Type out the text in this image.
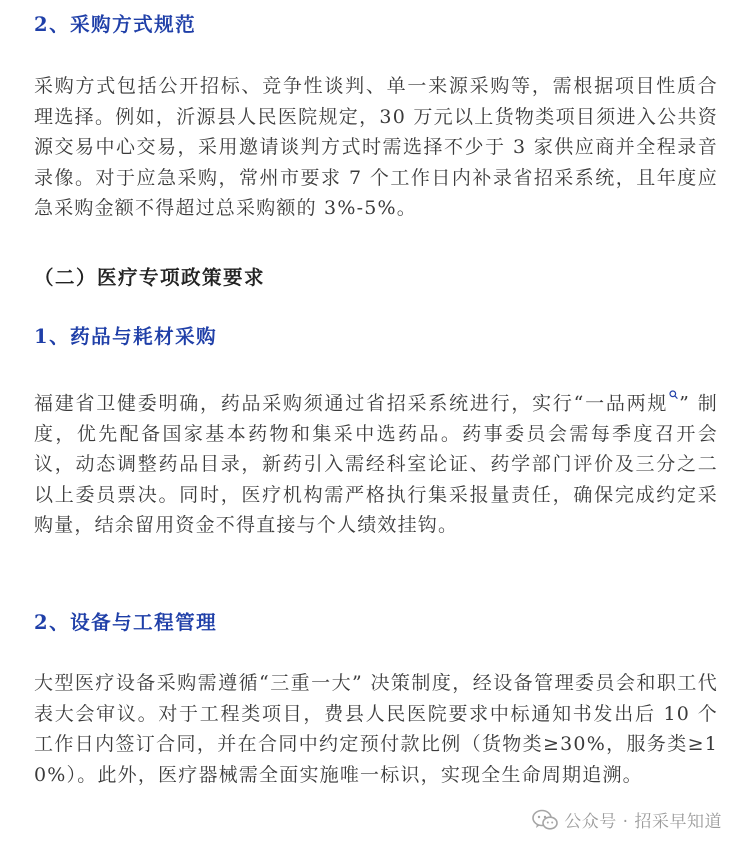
2、采购方式规范

采购方式包括公开招标、竞争性谈判、单一来源采购等，需根据项目性质合理选择。例如，沂源县人民医院规定，30 万元以上货物类项目须进入公共资源交易中心交易，采用邀请谈判方式时需选择不少于 3 家供应商并全程录音录像。对于应急采购，常州市要求 7 个工作日内补录省招采系统，且年度应急采购金额不得超过总采购额的 3%-5%。

（二）医疗专项政策要求
1、药品与耗材采购

福建省卫健委明确，药品采购须通过省招采系统进行，实行“一品两规 ” 制度，优先配备国家基本药物和集采中选药品。药事委员会需每季度召开会议，动态调整药品目录，新药引入需经科室论证、药学部门评价及三分之二以上委员票决。同时，医疗机构需严格执行集采报量责任，确保完成约定采购量，结余留用资金不得直接与个人绩效挂钩。

2、设备与工程管理

大型医疗设备采购需遵循“三重一大” 决策制度，经设备管理委员会和职工代表大会审议。对于工程类项目，费县人民医院要求中标通知书发出后 10 个工作日内签订合同，并在合同中约定预付款比例（货物类≥30%，服务类≥10%）。此外，医疗器械需全面实施唯一标识，实现全生命周期追溯。

公众号 · 招采早知道
